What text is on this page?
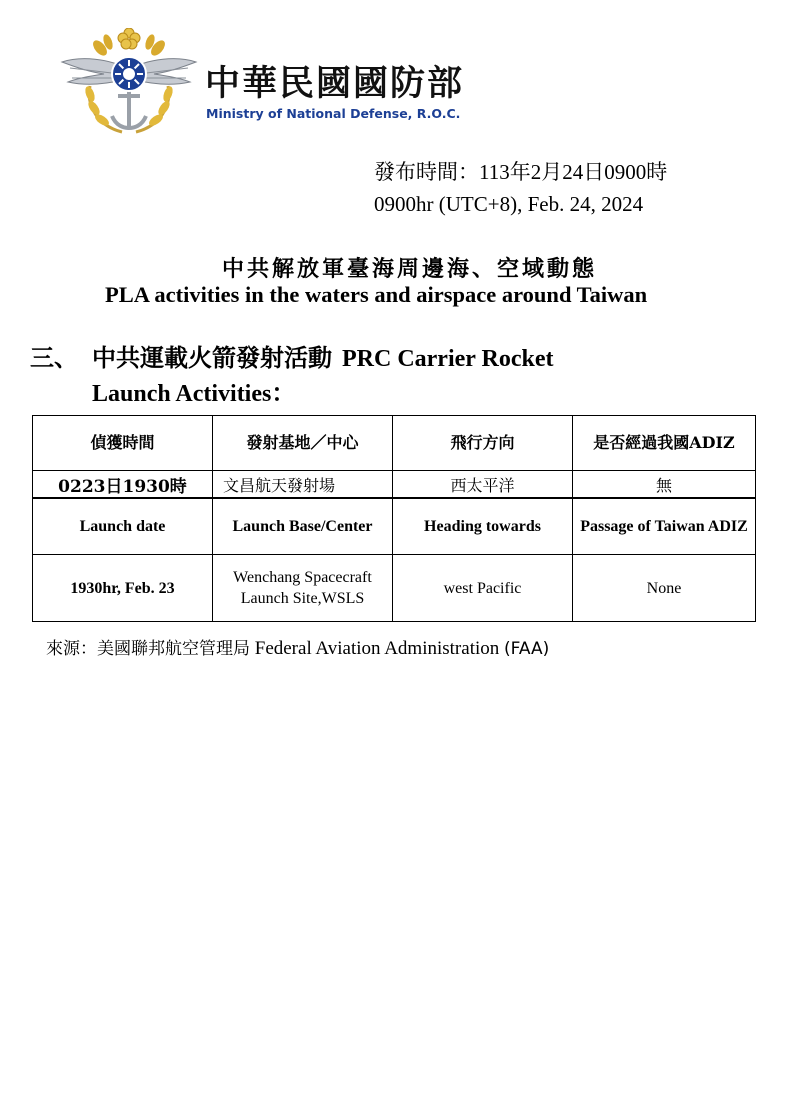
中華民國國防部
Ministry of National Defense, R.O.C.
發布時間：113年2月24日0900時
0900hr (UTC+8), Feb. 24, 2024
中共解放軍臺海周邊海、空域動態
PLA activities in the waters and airspace around Taiwan
三、 中共運載火箭發射活動 PRC Carrier Rocket
Launch Activities：
偵獲時間	發射基地／中心	飛行方向	是否經過我國ADIZ
0223日1930時	文昌航天發射場	西太平洋	無
Launch date	Launch Base/Center	Heading towards	Passage of Taiwan ADIZ
1930hr, Feb. 23	Wenchang Spacecraft Launch Site,WSLS	west Pacific	None
來源：美國聯邦航空管理局 Federal Aviation Administration (FAA)
